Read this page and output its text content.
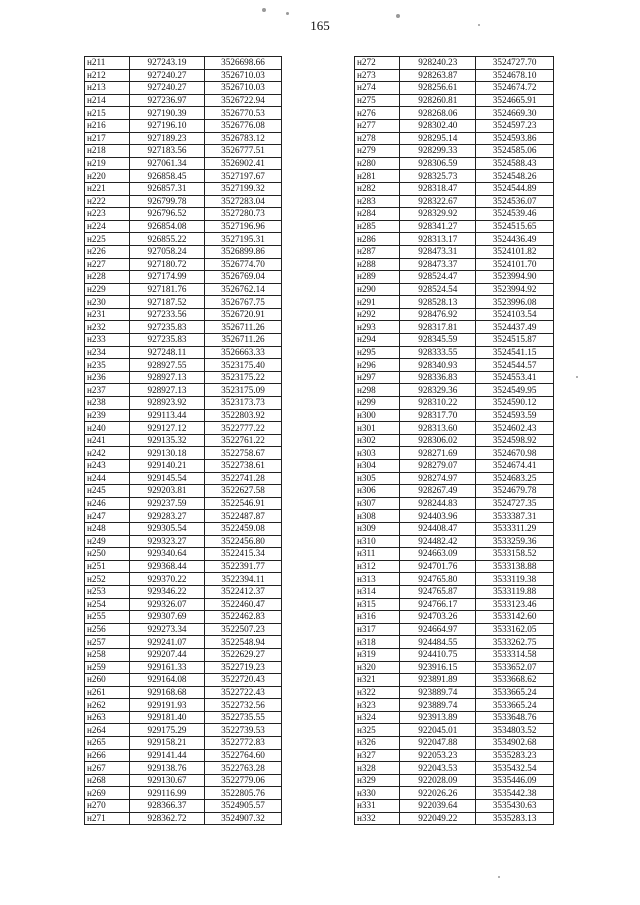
165
н211	927243.19	3526698.66
н212	927240.27	3526710.03
н213	927240.27	3526710.03
н214	927236.97	3526722.94
н215	927190.39	3526770.53
н216	927196.10	3526776.08
н217	927189.23	3526783.12
н218	927183.56	3526777.51
н219	927061.34	3526902.41
н220	926858.45	3527197.67
н221	926857.31	3527199.32
н222	926799.78	3527283.04
н223	926796.52	3527280.73
н224	926854.08	3527196.96
н225	926855.22	3527195.31
н226	927058.24	3526899.86
н227	927180.72	3526774.70
н228	927174.99	3526769.04
н229	927181.76	3526762.14
н230	927187.52	3526767.75
н231	927233.56	3526720.91
н232	927235.83	3526711.26
н233	927235.83	3526711.26
н234	927248.11	3526663.33
н235	928927.55	3523175.40
н236	928927.13	3523175.22
н237	928927.13	3523175.09
н238	928923.92	3523173.73
н239	929113.44	3522803.92
н240	929127.12	3522777.22
н241	929135.32	3522761.22
н242	929130.18	3522758.67
н243	929140.21	3522738.61
н244	929145.54	3522741.28
н245	929203.81	3522627.58
н246	929237.59	3522546.91
н247	929283.27	3522487.87
н248	929305.54	3522459.08
н249	929323.27	3522456.80
н250	929340.64	3522415.34
н251	929368.44	3522391.77
н252	929370.22	3522394.11
н253	929346.22	3522412.37
н254	929326.07	3522460.47
н255	929307.69	3522462.83
н256	929273.34	3522507.23
н257	929241.07	3522548.94
н258	929207.44	3522629.27
н259	929161.33	3522719.23
н260	929164.08	3522720.43
н261	929168.68	3522722.43
н262	929191.93	3522732.56
н263	929181.40	3522735.55
н264	929175.29	3522739.53
н265	929158.21	3522772.83
н266	929141.44	3522764.60
н267	929138.76	3522763.28
н268	929130.67	3522779.06
н269	929116.99	3522805.76
н270	928366.37	3524905.57
н271	928362.72	3524907.32
н272	928240.23	3524727.70
н273	928263.87	3524678.10
н274	928256.61	3524674.72
н275	928260.81	3524665.91
н276	928268.06	3524669.30
н277	928302.40	3524597.23
н278	928295.14	3524593.86
н279	928299.33	3524585.06
н280	928306.59	3524588.43
н281	928325.73	3524548.26
н282	928318.47	3524544.89
н283	928322.67	3524536.07
н284	928329.92	3524539.46
н285	928341.27	3524515.65
н286	928313.17	3524436.49
н287	928473.31	3524101.82
н288	928473.37	3524101.70
н289	928524.47	3523994.90
н290	928524.54	3523994.92
н291	928528.13	3523996.08
н292	928476.92	3524103.54
н293	928317.81	3524437.49
н294	928345.59	3524515.87
н295	928333.55	3524541.15
н296	928340.93	3524544.57
н297	928336.83	3524553.41
н298	928329.36	3524549.95
н299	928310.22	3524590.12
н300	928317.70	3524593.59
н301	928313.60	3524602.43
н302	928306.02	3524598.92
н303	928271.69	3524670.98
н304	928279.07	3524674.41
н305	928274.97	3524683.25
н306	928267.49	3524679.78
н307	928244.83	3524727.35
н308	924403.96	3533387.31
н309	924408.47	3533311.29
н310	924482.42	3533259.36
н311	924663.09	3533158.52
н312	924701.76	3533138.88
н313	924765.80	3533119.38
н314	924765.87	3533119.88
н315	924766.17	3533123.46
н316	924703.26	3533142.60
н317	924664.97	3533162.05
н318	924484.55	3533262.75
н319	924410.75	3533314.58
н320	923916.15	3533652.07
н321	923891.89	3533668.62
н322	923889.74	3533665.24
н323	923889.74	3533665.24
н324	923913.89	3533648.76
н325	922045.01	3534803.52
н326	922047.88	3534902.68
н327	922053.23	3535283.23
н328	922043.53	3535432.54
н329	922028.09	3535446.09
н330	922026.26	3535442.38
н331	922039.64	3535430.63
н332	922049.22	3535283.13
